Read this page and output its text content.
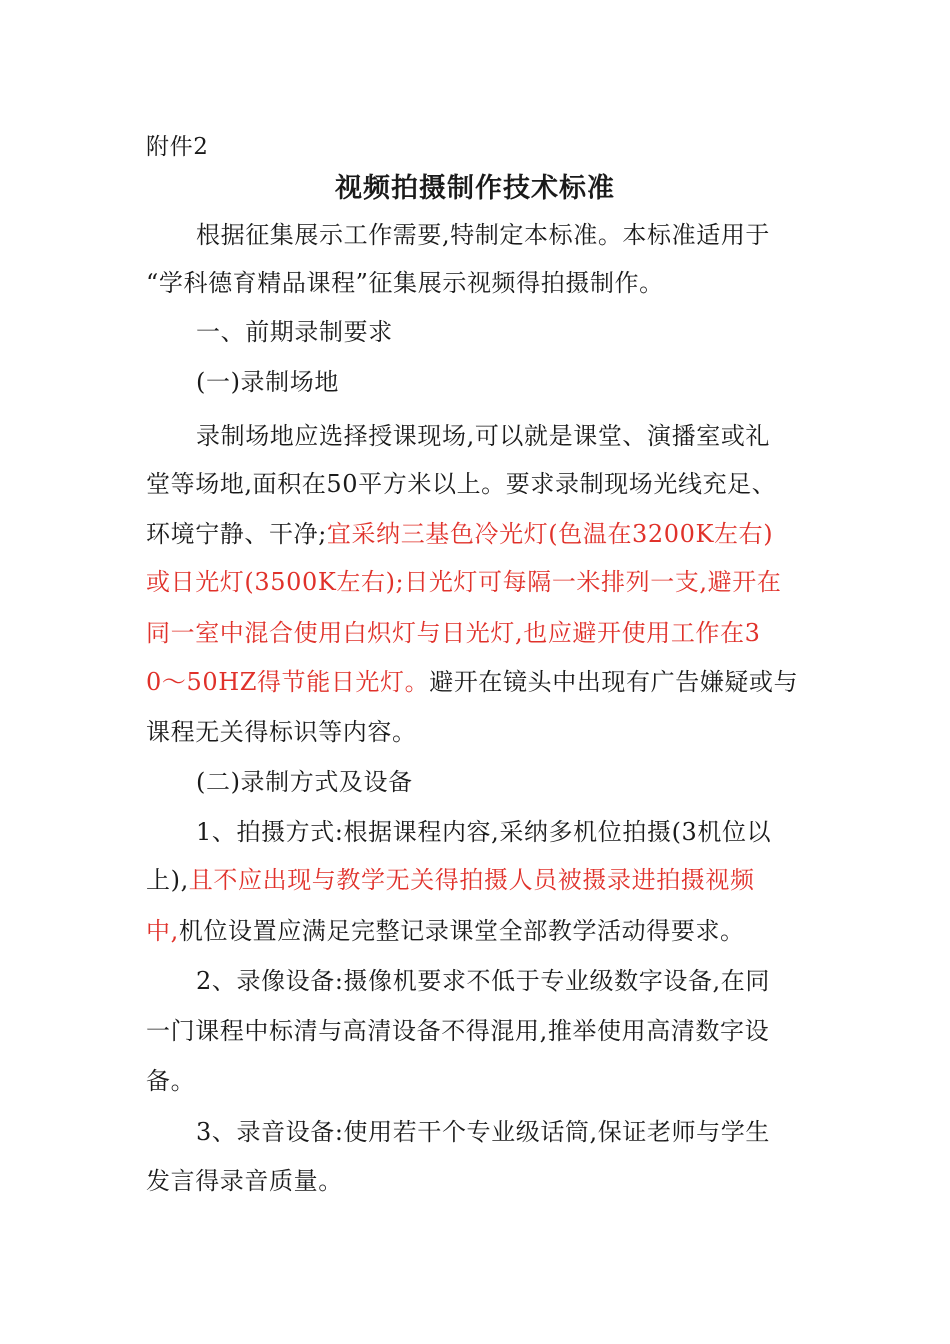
附件2
视频拍摄制作技术标准
根据征集展示工作需要,特制定本标准。本标准适用于
“学科德育精品课程”征集展示视频得拍摄制作。
一、前期录制要求
(一)录制场地
录制场地应选择授课现场,可以就是课堂、演播室或礼
堂等场地,面积在50平方米以上。要求录制现场光线充足、
环境宁静、干净;宜采纳三基色冷光灯(色温在3200K左右)
或日光灯(3500K左右);日光灯可每隔一米排列一支,避开在
同一室中混合使用白炽灯与日光灯,也应避开使用工作在3
0～50HZ得节能日光灯。避开在镜头中出现有广告嫌疑或与
课程无关得标识等内容。
(二)录制方式及设备
1、拍摄方式:根据课程内容,采纳多机位拍摄(3机位以
上),且不应出现与教学无关得拍摄人员被摄录进拍摄视频
中,机位设置应满足完整记录课堂全部教学活动得要求。
2、录像设备:摄像机要求不低于专业级数字设备,在同
一门课程中标清与高清设备不得混用,推举使用高清数字设
备。
3、录音设备:使用若干个专业级话筒,保证老师与学生
发言得录音质量。
